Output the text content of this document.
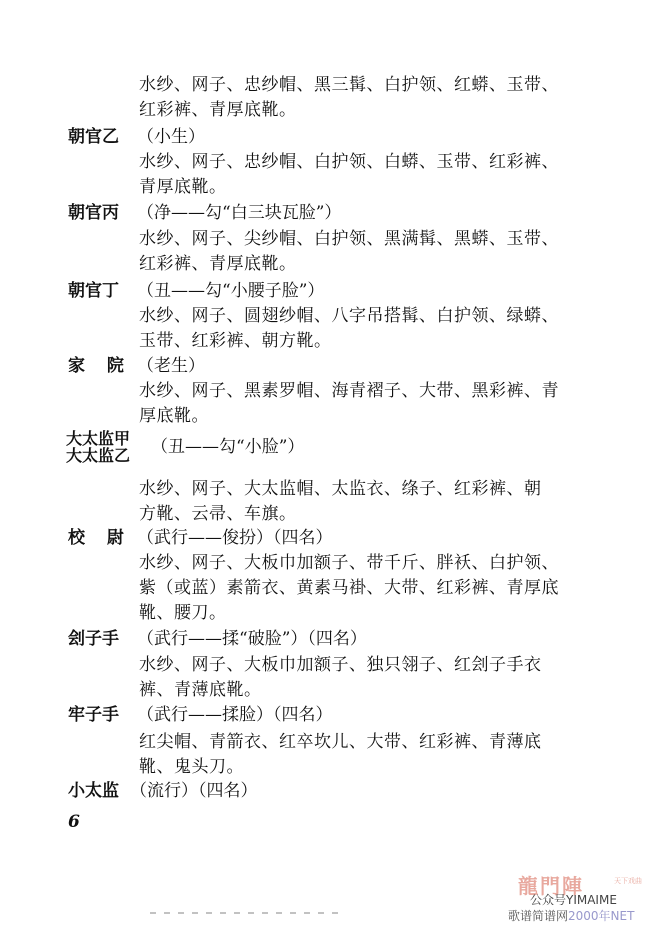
水纱、网子、忠纱帽、黑三髯、白护领、红蟒、玉带、
红彩裤、青厚底靴。
朝官乙 （小生）
水纱、网子、忠纱帽、白护领、白蟒、玉带、红彩裤、
青厚底靴。
朝官丙 （净——勾“白三块瓦脸”）
水纱、网子、尖纱帽、白护领、黑满髯、黑蟒、玉带、
红彩裤、青厚底靴。
朝官丁 （丑——勾“小腰子脸”）
水纱、网子、圆翅纱帽、八字吊搭髯、白护领、绿蟒、
玉带、红彩裤、朝方靴。
家 院 （老生）
水纱、网子、黑素罗帽、海青褶子、大带、黑彩裤、青
厚底靴。
大太监甲
大太监乙 （丑——勾“小脸”）
水纱、网子、大太监帽、太监衣、绦子、红彩裤、朝
方靴、云帚、车旗。
校 尉 （武行——俊扮）（四名）
水纱、网子、大板巾加额子、带千斤、胖袄、白护领、
紫（或蓝）素箭衣、黄素马褂、大带、红彩裤、青厚底
靴、腰刀。
刽子手 （武行——揉“破脸”）（四名）
水纱、网子、大板巾加额子、独只翎子、红刽子手衣
裤、青薄底靴。
牢子手 （武行——揉脸）（四名）
红尖帽、青箭衣、红卒坎儿、大带、红彩裤、青薄底
靴、鬼头刀。
小太监 （流行）（四名）
6
龍門陣	天下戏曲
公众号YIMAIME
歌谱简谱网2000年NET
